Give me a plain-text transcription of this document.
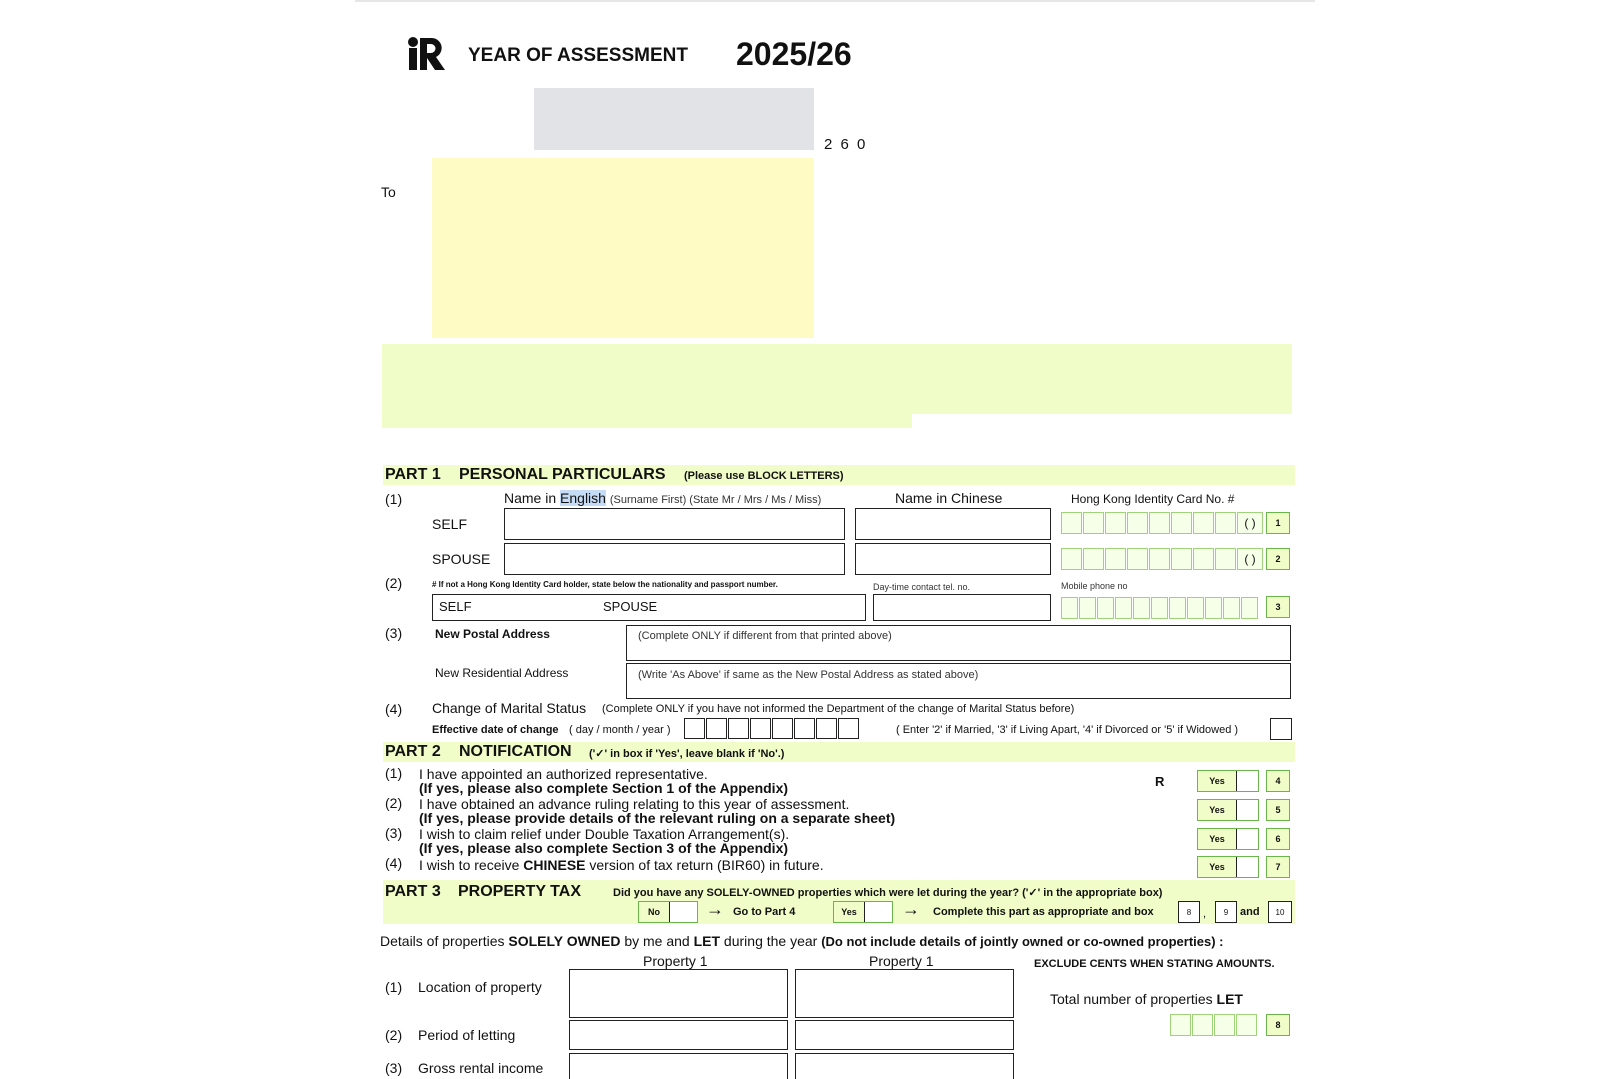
YEAR OF ASSESSMENT 2025/26
2 6 0
To
PART 1 PERSONAL PARTICULARS (Please use BLOCK LETTERS)
(1)	Name in English (Surname First) (State Mr / Mrs / Ms / Miss)	Name in Chinese	Hong Kong Identity Card No. #
SELF	( )	1
SPOUSE	( )	2
(2)	# If not a Hong Kong Identity Card holder, state below the nationality and passport number.	Day-time contact tel. no.	Mobile phone no
SELF	SPOUSE	3
(3)	New Postal Address	(Complete ONLY if different from that printed above)
New Residential Address	(Write 'As Above' if same as the New Postal Address as stated above)
(4) Change of Marital Status (Complete ONLY if you have not informed the Department of the change of Marital Status before)
Effective date of change ( day / month / year )	( Enter '2' if Married, '3' if Living Apart, '4' if Divorced or '5' if Widowed )
PART 2 NOTIFICATION ('✓' in box if 'Yes', leave blank if 'No'.)
R
(1) I have appointed an authorized representative.
(If yes, please also complete Section 1 of the Appendix)	Yes	4
(2) I have obtained an advance ruling relating to this year of assessment.
(If yes, please provide details of the relevant ruling on a separate sheet)	Yes	5
(3) I wish to claim relief under Double Taxation Arrangement(s).
(If yes, please also complete Section 3 of the Appendix)
Yes	6
(4) I wish to receive CHINESE version of tax return (BIR60) in future.	Yes	7
PART 3 PROPERTY TAX	Did you have any SOLELY-OWNED properties which were let during the year? ('✓' in the appropriate box)
No	→ Go to Part 4	Yes	→ Complete this part as appropriate and box	8 , 9 and 10
Details of properties SOLELY OWNED by me and LET during the year (Do not include details of jointly owned or co-owned properties) :
Property 1	Property 1	EXCLUDE CENTS WHEN STATING AMOUNTS.
Total number of properties LET
8
(1) Location of property
(2) Period of letting
(3) Gross rental income
